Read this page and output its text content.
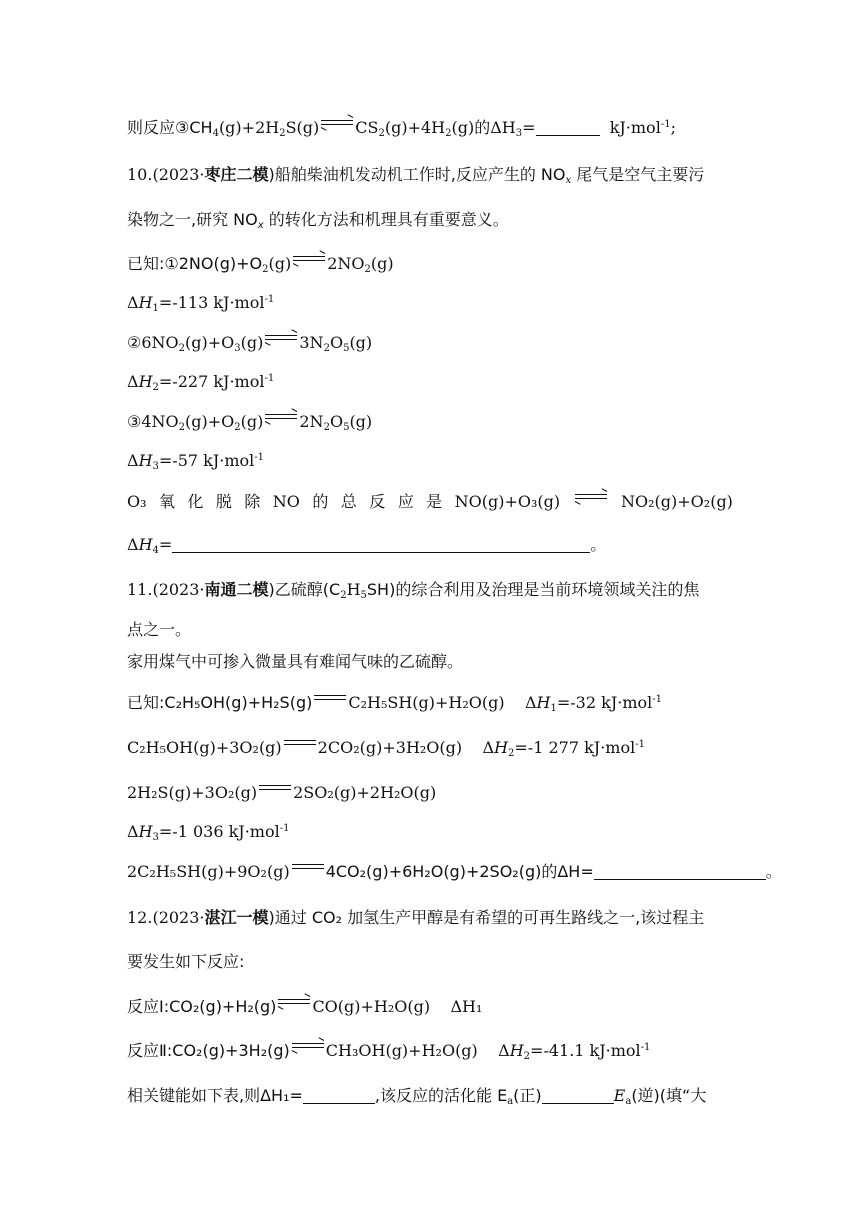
则反应$③CH_4(g)+2H_2S(g)$ ⇌ $CS_2(g)+4H_2(g)$的$\Delta H_3=$	kJ·mol$^{-1}$;
10.(2023·枣庄二模)船舶柴油机发动机工作时,反应产生的 $NO_x$ 尾气是空气主要污
染物之一,研究 $NO_x$ 的转化方法和机理具有重要意义。
已知$:①2NO(g)+O_2(g)$ ⇌ $2NO_2(g)$
$\Delta H_1=-113$ kJ·mol$^{-1}$
$②6NO_2(g)+O_3(g)$ ⇌ $3N_2O_5(g)$
$\Delta H_2=-227$ kJ·mol$^{-1}$
$③4NO_2(g)+O_2(g)$ ⇌ $2N_2O_5(g)$
$\Delta H_3=-57$ kJ·mol$^{-1}$
O₃ 氧 化 脱 除 NO 的 总 反 应 是 NO(g)+O₃(g) ⇌ NO₂(g)+O₂(g)
$\Delta H_4=$	。
11.(2023·南通二模)乙硫醇$(C_2H_5SH)$的综合利用及治理是当前环境领域关注的焦
点之一。
家用煤气中可掺入微量具有难闻气味的乙硫醇。
已知:C₂H₅OH(g)+H₂S(g) C₂H₅SH(g)+H₂O(g)    $\Delta H_1=-32$ kJ·mol$^{-1}$
C₂H₅OH(g)+3O₂(g) 2CO₂(g)+3H₂O(g)    $\Delta H_2=-1$ 277 kJ·mol$^{-1}$
2H₂S(g)+3O₂(g) 2SO₂(g)+2H₂O(g)
$\Delta H_3=-1$ 036 kJ·mol$^{-1}$
2C₂H₅SH(g)+9O₂(g) 4CO₂(g)+6H₂O(g)+2SO₂(g)的ΔH=	。
12.(2023·湛江一模)通过 CO₂ 加氢生产甲醇是有希望的可再生路线之一,该过程主
要发生如下反应:
反应Ⅰ:CO₂(g)+H₂(g) ⇌ CO(g)+H₂O(g) ΔH₁
反应Ⅱ:CO₂(g)+3H₂(g) ⇌ CH₃OH(g)+H₂O(g)    $\Delta H_2=-41.1$ kJ·mol$^{-1}$
相关键能如下表,则ΔH₁=	,该反应的活化能 $E_a$(正)	$E_a$(逆)(填“大
